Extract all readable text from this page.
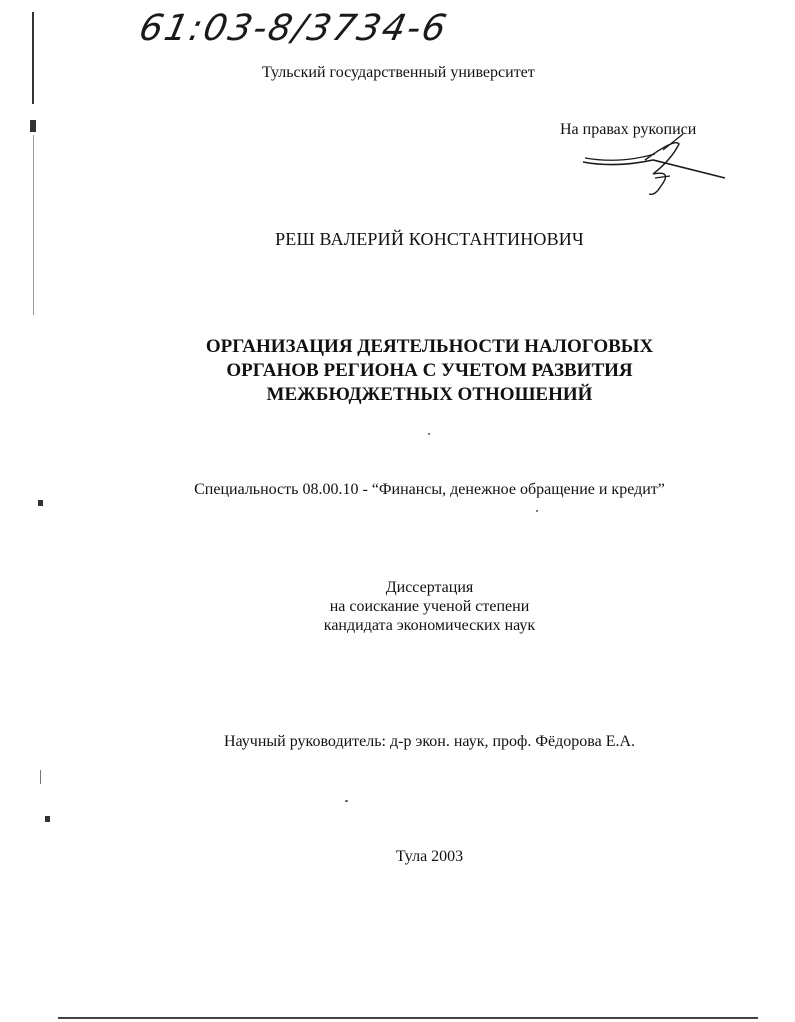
61:03-8/3734-6
Тульский государственный университет
На правах рукописи
РЕШ ВАЛЕРИЙ КОНСТАНТИНОВИЧ
ОРГАНИЗАЦИЯ ДЕЯТЕЛЬНОСТИ НАЛОГОВЫХ
ОРГАНОВ РЕГИОНА С УЧЕТОМ РАЗВИТИЯ
МЕЖБЮДЖЕТНЫХ ОТНОШЕНИЙ
Специальность 08.00.10 - “Финансы, денежное обращение и кредит”
Диссертация
на соискание ученой степени
кандидата экономических наук
Научный руководитель: д-р экон. наук, проф. Фёдорова Е.А.
Тула 2003
